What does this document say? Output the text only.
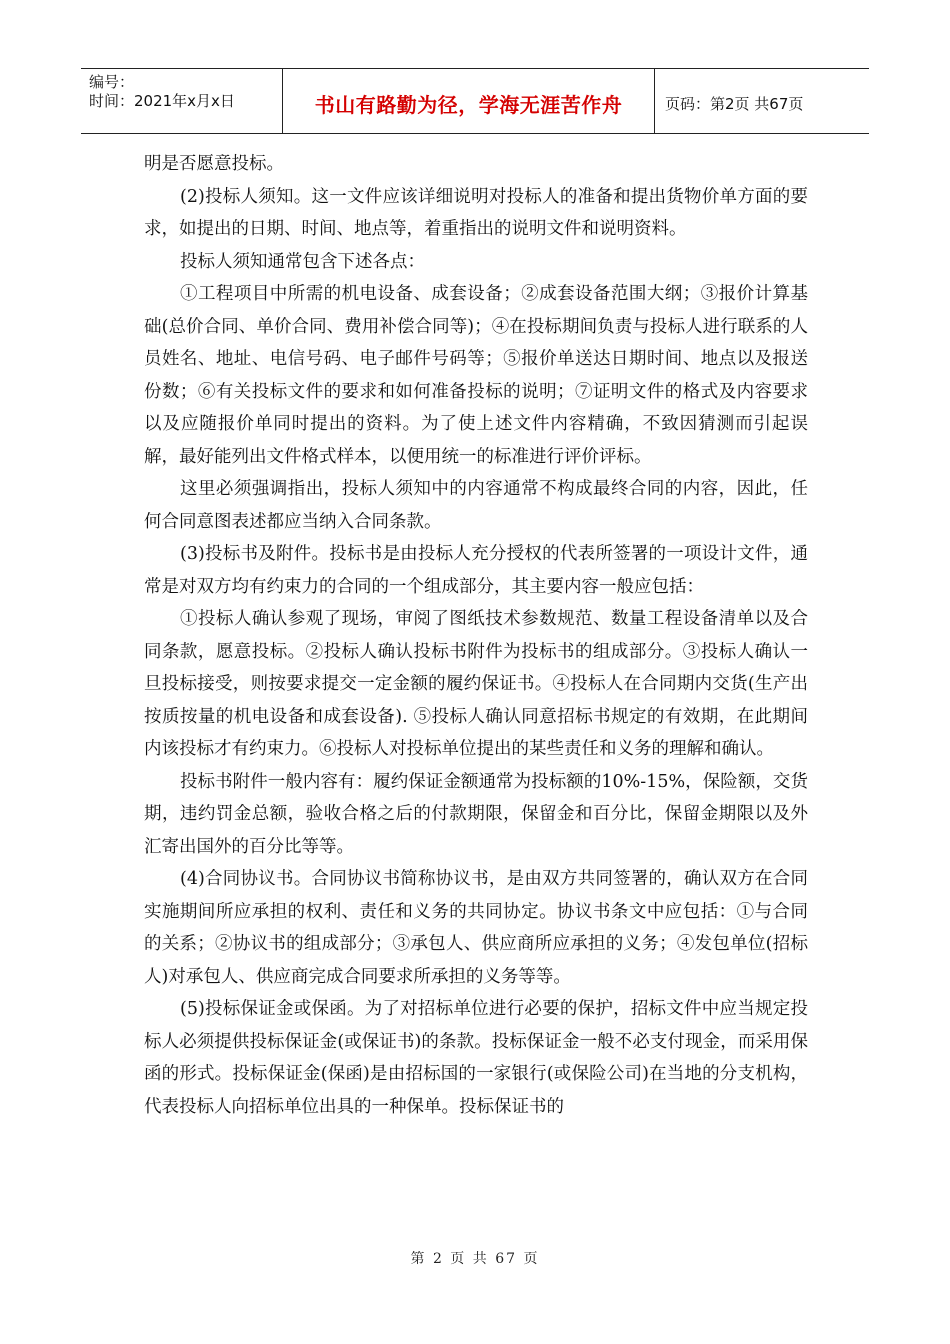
编号：
时间：2021年x月x日	书山有路勤为径，学海无涯苦作舟	页码：第2页 共67页

明是否愿意投标。

(2)投标人须知。这一文件应该详细说明对投标人的准备和提出货物价单方面的要求，如提出的日期、时间、地点等，着重指出的说明文件和说明资料。

投标人须知通常包含下述各点：

①工程项目中所需的机电设备、成套设备；②成套设备范围大纲；③报价计算基础(总价合同、单价合同、费用补偿合同等)；④在投标期间负责与投标人进行联系的人员姓名、地址、电信号码、电子邮件号码等；⑤报价单送达日期时间、地点以及报送份数；⑥有关投标文件的要求和如何准备投标的说明；⑦证明文件的格式及内容要求以及应随报价单同时提出的资料。为了使上述文件内容精确，不致因猜测而引起误解，最好能列出文件格式样本，以便用统一的标准进行评价评标。

这里必须强调指出，投标人须知中的内容通常不构成最终合同的内容，因此，任何合同意图表述都应当纳入合同条款。

(3)投标书及附件。投标书是由投标人充分授权的代表所签署的一项设计文件，通常是对双方均有约束力的合同的一个组成部分，其主要内容一般应包括：

①投标人确认参观了现场，审阅了图纸技术参数规范、数量工程设备清单以及合同条款，愿意投标。②投标人确认投标书附件为投标书的组成部分。③投标人确认一旦投标接受，则按要求提交一定金额的履约保证书。④投标人在合同期内交货(生产出按质按量的机电设备和成套设备). ⑤投标人确认同意招标书规定的有效期，在此期间内该投标才有约束力。⑥投标人对投标单位提出的某些责任和义务的理解和确认。

投标书附件一般内容有：履约保证金额通常为投标额的10%-15%，保险额，交货期，违约罚金总额，验收合格之后的付款期限，保留金和百分比，保留金期限以及外汇寄出国外的百分比等等。

(4)合同协议书。合同协议书简称协议书，是由双方共同签署的，确认双方在合同实施期间所应承担的权利、责任和义务的共同协定。协议书条文中应包括：①与合同的关系；②协议书的组成部分；③承包人、供应商所应承担的义务；④发包单位(招标人)对承包人、供应商完成合同要求所承担的义务等等。

(5)投标保证金或保函。为了对招标单位进行必要的保护，招标文件中应当规定投标人必须提供投标保证金(或保证书)的条款。投标保证金一般不必支付现金，而采用保函的形式。投标保证金(保函)是由招标国的一家银行(或保险公司)在当地的分支机构，代表投标人向招标单位出具的一种保单。投标保证书的

第 2 页 共 67 页
